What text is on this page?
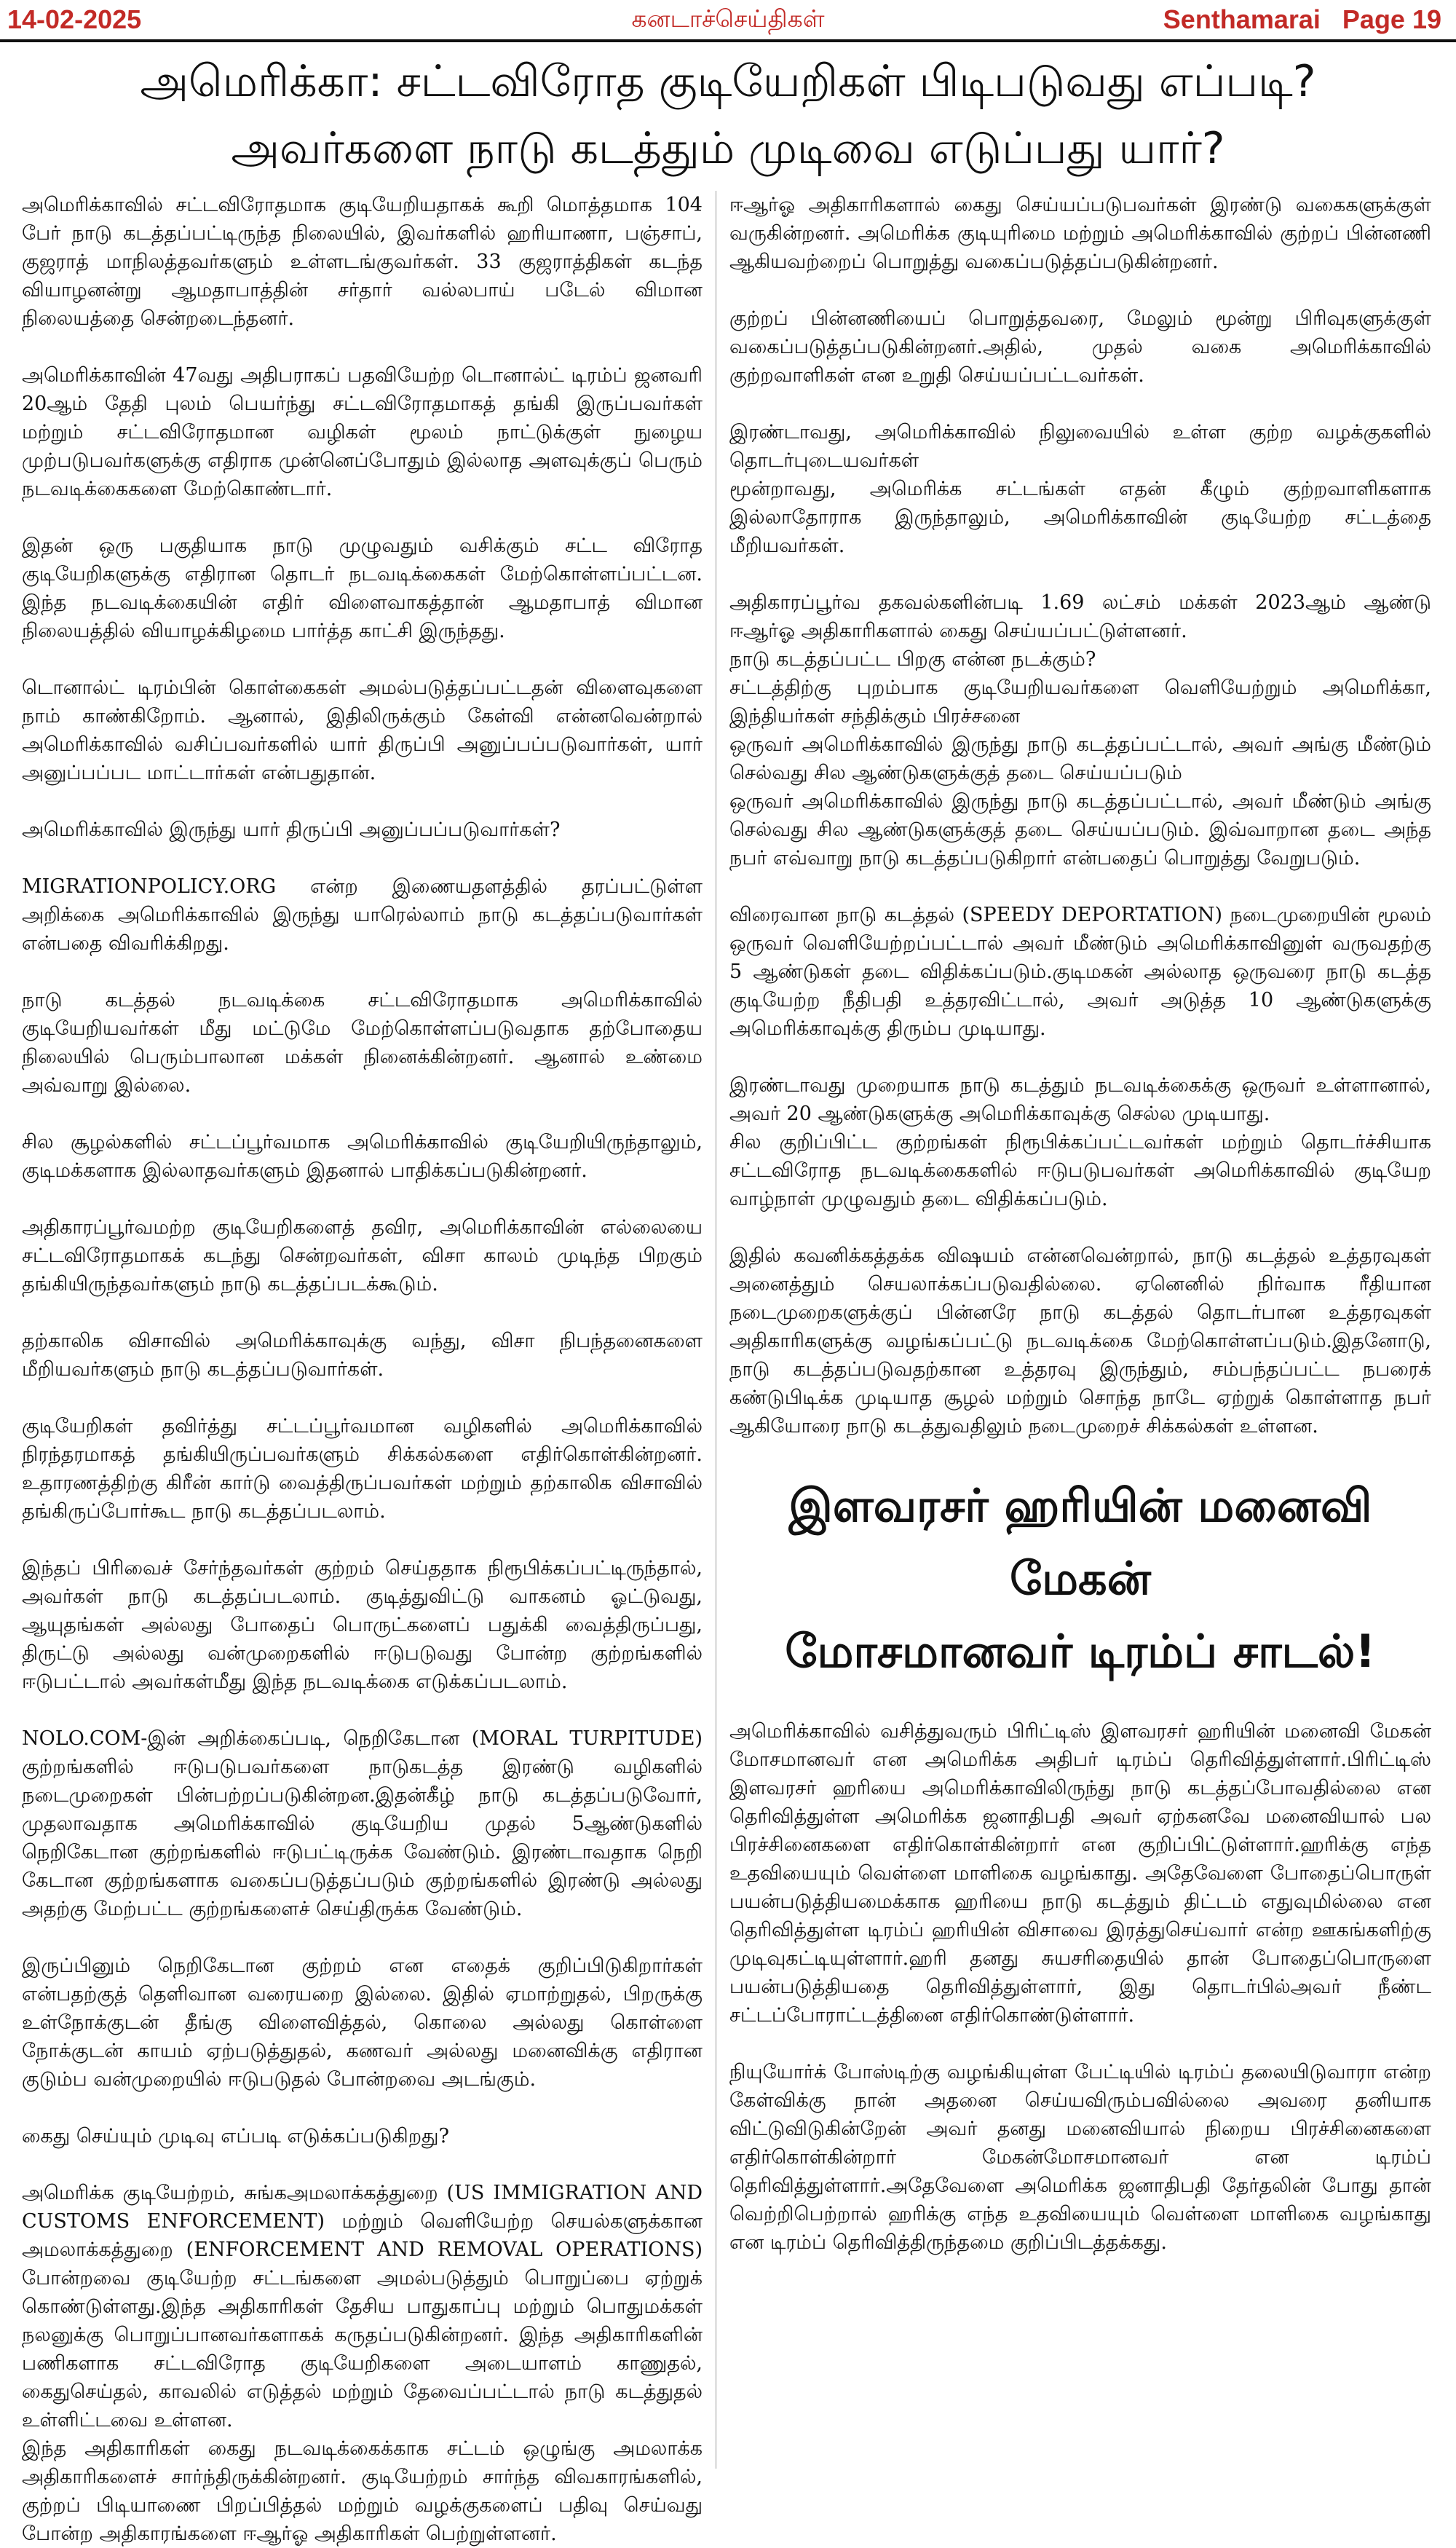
14-02-2025	கனடாச்செய்திகள்	Senthamarai Page 19
அமெரிக்கா: சட்டவிரோத குடியேறிகள் பிடிபடுவது எப்படி?
அவர்களை நாடு கடத்தும் முடிவை எடுப்பது யார்?

அமெரிக்காவில் சட்டவிரோதமாக குடியேறியதாகக் கூறி மொத்தமாக 104 பேர் நாடு கடத்தப்பட்டிருந்த நிலையில், இவர்களில் ஹரியாணா, பஞ்சாப், குஜராத் மாநிலத்தவர்களும் உள்ளடங்குவர்கள். 33 குஜராத்திகள் கடந்த வியாழனன்று ஆமதாபாத்தின் சர்தார் வல்லபாய் படேல் விமான நிலையத்தை சென்றடைந்தனர்.

அமெரிக்காவின் 47வது அதிபராகப் பதவியேற்ற டொனால்ட் டிரம்ப் ஜனவரி 20ஆம் தேதி புலம் பெயர்ந்து சட்டவிரோதமாகத் தங்கி இருப்பவர்கள் மற்றும் சட்டவிரோதமான வழிகள் மூலம் நாட்டுக்குள் நுழைய முற்படுபவர்களுக்கு எதிராக முன்னெப்போதும் இல்லாத அளவுக்குப் பெரும் நடவடிக்கைகளை மேற்கொண்டார்.

இதன் ஒரு பகுதியாக நாடு முழுவதும் வசிக்கும் சட்ட விரோத குடியேறிகளுக்கு எதிரான தொடர் நடவடிக்கைகள் மேற்கொள்ளப்பட்டன. இந்த நடவடிக்கையின் எதிர் விளைவாகத்தான் ஆமதாபாத் விமான நிலையத்தில் வியாழக்கிழமை பார்த்த காட்சி இருந்தது.

டொனால்ட் டிரம்பின் கொள்கைகள் அமல்படுத்தப்பட்டதன் விளைவுகளை நாம் காண்கிறோம். ஆனால், இதிலிருக்கும் கேள்வி என்னவென்றால் அமெரிக்காவில் வசிப்பவர்களில் யார் திருப்பி அனுப்பப்படுவார்கள், யார் அனுப்பப்பட மாட்டார்கள் என்பதுதான்.

அமெரிக்காவில் இருந்து யார் திருப்பி அனுப்பப்படுவார்கள்?

MIGRATIONPOLICY.ORG என்ற இணையதளத்தில் தரப்பட்டுள்ள அறிக்கை அமெரிக்காவில் இருந்து யாரெல்லாம் நாடு கடத்தப்படுவார்கள் என்பதை விவரிக்கிறது.

நாடு கடத்தல் நடவடிக்கை சட்டவிரோதமாக அமெரிக்காவில் குடியேறியவர்கள் மீது மட்டுமே மேற்கொள்ளப்படுவதாக தற்போதைய நிலையில் பெரும்பாலான மக்கள் நினைக்கின்றனர். ஆனால் உண்மை அவ்வாறு இல்லை.

சில சூழல்களில் சட்டப்பூர்வமாக அமெரிக்காவில் குடியேறியிருந்தாலும், குடிமக்களாக இல்லாதவர்களும் இதனால் பாதிக்கப்படுகின்றனர்.

அதிகாரப்பூர்வமற்ற குடியேறிகளைத் தவிர, அமெரிக்காவின் எல்லையை சட்டவிரோதமாகக் கடந்து சென்றவர்கள், விசா காலம் முடிந்த பிறகும் தங்கியிருந்தவர்களும் நாடு கடத்தப்படக்கூடும்.

தற்காலிக விசாவில் அமெரிக்காவுக்கு வந்து, விசா நிபந்தனைகளை மீறியவர்களும் நாடு கடத்தப்படுவார்கள்.

குடியேறிகள் தவிர்த்து சட்டப்பூர்வமான வழிகளில் அமெரிக்காவில் நிரந்தரமாகத் தங்கியிருப்பவர்களும் சிக்கல்களை எதிர்கொள்கின்றனர். உதாரணத்திற்கு கிரீன் கார்டு வைத்திருப்பவர்கள் மற்றும் தற்காலிக விசாவில் தங்கிருப்போர்கூட நாடு கடத்தப்படலாம்.

இந்தப் பிரிவைச் சேர்ந்தவர்கள் குற்றம் செய்ததாக நிரூபிக்கப்பட்டிருந்தால், அவர்கள் நாடு கடத்தப்படலாம். குடித்துவிட்டு வாகனம் ஓட்டுவது, ஆயுதங்கள் அல்லது போதைப் பொருட்களைப் பதுக்கி வைத்திருப்பது, திருட்டு அல்லது வன்முறைகளில் ஈடுபடுவது போன்ற குற்றங்களில் ஈடுபட்டால் அவர்கள்மீது இந்த நடவடிக்கை எடுக்கப்படலாம்.

NOLO.COM-இன் அறிக்கைப்படி, நெறிகேடான (MORAL TURPITUDE) குற்றங்களில் ஈடுபடுபவர்களை நாடுகடத்த இரண்டு வழிகளில் நடைமுறைகள் பின்பற்றப்படுகின்றன.இதன்கீழ் நாடு கடத்தப்படுவோர், முதலாவதாக அமெரிக்காவில் குடியேறிய முதல் 5ஆண்டுகளில் நெறிகேடான குற்றங்களில் ஈடுபட்டிருக்க வேண்டும். இரண்டாவதாக நெறி கேடான குற்றங்களாக வகைப்படுத்தப்படும் குற்றங்களில் இரண்டு அல்லது அதற்கு மேற்பட்ட குற்றங்களைச் செய்திருக்க வேண்டும்.

இருப்பினும் நெறிகேடான குற்றம் என எதைக் குறிப்பிடுகிறார்கள் என்பதற்குத் தெளிவான வரையறை இல்லை. இதில் ஏமாற்றுதல், பிறருக்கு உள்நோக்குடன் தீங்கு விளைவித்தல், கொலை அல்லது கொள்ளை நோக்குடன் காயம் ஏற்படுத்துதல், கணவர் அல்லது மனைவிக்கு எதிரான குடும்ப வன்முறையில் ஈடுபடுதல் போன்றவை அடங்கும்.

கைது செய்யும் முடிவு எப்படி எடுக்கப்படுகிறது?

அமெரிக்க குடியேற்றம், சுங்கஅமலாக்கத்துறை (US IMMIGRATION AND CUSTOMS ENFORCEMENT) மற்றும் வெளியேற்ற செயல்களுக்கான அமலாக்கத்துறை (ENFORCEMENT AND REMOVAL OPERATIONS) போன்றவை குடியேற்ற சட்டங்களை அமல்படுத்தும் பொறுப்பை ஏற்றுக் கொண்டுள்ளது.இந்த அதிகாரிகள் தேசிய பாதுகாப்பு மற்றும் பொதுமக்கள் நலனுக்கு பொறுப்பானவர்களாகக் கருதப்படுகின்றனர். இந்த அதிகாரிகளின் பணிகளாக சட்டவிரோத குடியேறிகளை அடையாளம் காணுதல், கைதுசெய்தல், காவலில் எடுத்தல் மற்றும் தேவைப்பட்டால் நாடு கடத்துதல் உள்ளிட்டவை உள்ளன.

இந்த அதிகாரிகள் கைது நடவடிக்கைக்காக சட்டம் ஒழுங்கு அமலாக்க அதிகாரிகளைச் சார்ந்திருக்கின்றனர். குடியேற்றம் சார்ந்த விவகாரங்களில், குற்றப் பிடியாணை பிறப்பித்தல் மற்றும் வழக்குகளைப் பதிவு செய்வது போன்ற அதிகாரங்களை ஈஆர்ஓ அதிகாரிகள் பெற்றுள்ளனர்.

ஈஆர்ஓ அதிகாரிகளால் கைது செய்யப்படுபவர்கள் இரண்டு வகைகளுக்குள் வருகின்றனர். அமெரிக்க குடியுரிமை மற்றும் அமெரிக்காவில் குற்றப் பின்னணி ஆகியவற்றைப் பொறுத்து வகைப்படுத்தப்படுகின்றனர்.

குற்றப் பின்னணியைப் பொறுத்தவரை, மேலும் மூன்று பிரிவுகளுக்குள் வகைப்படுத்தப்படுகின்றனர்.அதில், முதல் வகை அமெரிக்காவில் குற்றவாளிகள் என உறுதி செய்யப்பட்டவர்கள்.

இரண்டாவது, அமெரிக்காவில் நிலுவையில் உள்ள குற்ற வழக்குகளில் தொடர்புடையவர்கள்

மூன்றாவது, அமெரிக்க சட்டங்கள் எதன் கீழும் குற்றவாளிகளாக இல்லாதோராக இருந்தாலும், அமெரிக்காவின் குடியேற்ற சட்டத்தை மீறியவர்கள்.

அதிகாரப்பூர்வ தகவல்களின்படி 1.69 லட்சம் மக்கள் 2023ஆம் ஆண்டு ஈஆர்ஓ அதிகாரிகளால் கைது செய்யப்பட்டுள்ளனர்.

நாடு கடத்தப்பட்ட பிறகு என்ன நடக்கும்?

சட்டத்திற்கு புறம்பாக குடியேறியவர்களை வெளியேற்றும் அமெரிக்கா, இந்தியர்கள் சந்திக்கும் பிரச்சனை

ஒருவர் அமெரிக்காவில் இருந்து நாடு கடத்தப்பட்டால், அவர் அங்கு மீண்டும் செல்வது சில ஆண்டுகளுக்குத் தடை செய்யப்படும்

ஒருவர் அமெரிக்காவில் இருந்து நாடு கடத்தப்பட்டால், அவர் மீண்டும் அங்கு செல்வது சில ஆண்டுகளுக்குத் தடை செய்யப்படும். இவ்வாறான தடை அந்த நபர் எவ்வாறு நாடு கடத்தப்படுகிறார் என்பதைப் பொறுத்து வேறுபடும்.

விரைவான நாடு கடத்தல் (SPEEDY DEPORTATION) நடைமுறையின் மூலம் ஒருவர் வெளியேற்றப்பட்டால் அவர் மீண்டும் அமெரிக்காவினுள் வருவதற்கு 5 ஆண்டுகள் தடை விதிக்கப்படும்.குடிமகன் அல்லாத ஒருவரை நாடு கடத்த குடியேற்ற நீதிபதி உத்தரவிட்டால், அவர் அடுத்த 10 ஆண்டுகளுக்கு அமெரிக்காவுக்கு திரும்ப முடியாது.

இரண்டாவது முறையாக நாடு கடத்தும் நடவடிக்கைக்கு ஒருவர் உள்ளானால், அவர் 20 ஆண்டுகளுக்கு அமெரிக்காவுக்கு செல்ல முடியாது.

சில குறிப்பிட்ட குற்றங்கள் நிரூபிக்கப்பட்டவர்கள் மற்றும் தொடர்ச்சியாக சட்டவிரோத நடவடிக்கைகளில் ஈடுபடுபவர்கள் அமெரிக்காவில் குடியேற வாழ்நாள் முழுவதும் தடை விதிக்கப்படும்.

இதில் கவனிக்கத்தக்க விஷயம் என்னவென்றால், நாடு கடத்தல் உத்தரவுகள் அனைத்தும் செயலாக்கப்படுவதில்லை. ஏனெனில் நிர்வாக ரீதியான நடைமுறைகளுக்குப் பின்னரே நாடு கடத்தல் தொடர்பான உத்தரவுகள் அதிகாரிகளுக்கு வழங்கப்பட்டு நடவடிக்கை மேற்கொள்ளப்படும்.இதனோடு, நாடு கடத்தப்படுவதற்கான உத்தரவு இருந்தும், சம்பந்தப்பட்ட நபரைக் கண்டுபிடிக்க முடியாத சூழல் மற்றும் சொந்த நாடே ஏற்றுக் கொள்ளாத நபர் ஆகியோரை நாடு கடத்துவதிலும் நடைமுறைச் சிக்கல்கள் உள்ளன.

இளவரசர் ஹரியின் மனைவி மேகன்
மோசமானவர் டிரம்ப் சாடல்!

அமெரிக்காவில் வசித்துவரும் பிரிட்டிஸ் இளவரசர் ஹரியின் மனைவி மேகன் மோசமானவர் என அமெரிக்க அதிபர் டிரம்ப் தெரிவித்துள்ளார்.பிரிட்டிஸ் இளவரசர் ஹரியை அமெரிக்காவிலிருந்து நாடு கடத்தப்போவதில்லை என தெரிவித்துள்ள அமெரிக்க ஜனாதிபதி அவர் ஏற்கனவே மனைவியால் பல பிரச்சினைகளை எதிர்கொள்கின்றார் என குறிப்பிட்டுள்ளார்.ஹரிக்கு எந்த உதவியையும் வெள்ளை மாளிகை வழங்காது. அதேவேளை போதைப்பொருள் பயன்படுத்தியமைக்காக ஹரியை நாடு கடத்தும் திட்டம் எதுவுமில்லை என தெரிவித்துள்ள டிரம்ப் ஹரியின் விசாவை இரத்துசெய்வார் என்ற ஊகங்களிற்கு முடிவுகட்டியுள்ளார்.ஹரி தனது சுயசரிதையில் தான் போதைப்பொருளை பயன்படுத்தியதை தெரிவித்துள்ளார், இது தொடர்பில்அவர் நீண்ட சட்டப்போராட்டத்தினை எதிர்கொண்டுள்ளார்.

நியுயோர்க் போஸ்டிற்கு வழங்கியுள்ள பேட்டியில் டிரம்ப் தலையிடுவாரா என்ற கேள்விக்கு நான் அதனை செய்யவிரும்பவில்லை அவரை தனியாக விட்டுவிடுகின்றேன் அவர் தனது மனைவியால் நிறைய பிரச்சினைகளை எதிர்கொள்கின்றார் மேகன்மோசமானவர் என டிரம்ப் தெரிவித்துள்ளார்.அதேவேளை அமெரிக்க ஜனாதிபதி தேர்தலின் போது தான் வெற்றிபெற்றால் ஹரிக்கு எந்த உதவியையும் வெள்ளை மாளிகை வழங்காது என டிரம்ப் தெரிவித்திருந்தமை குறிப்பிடத்தக்கது.
